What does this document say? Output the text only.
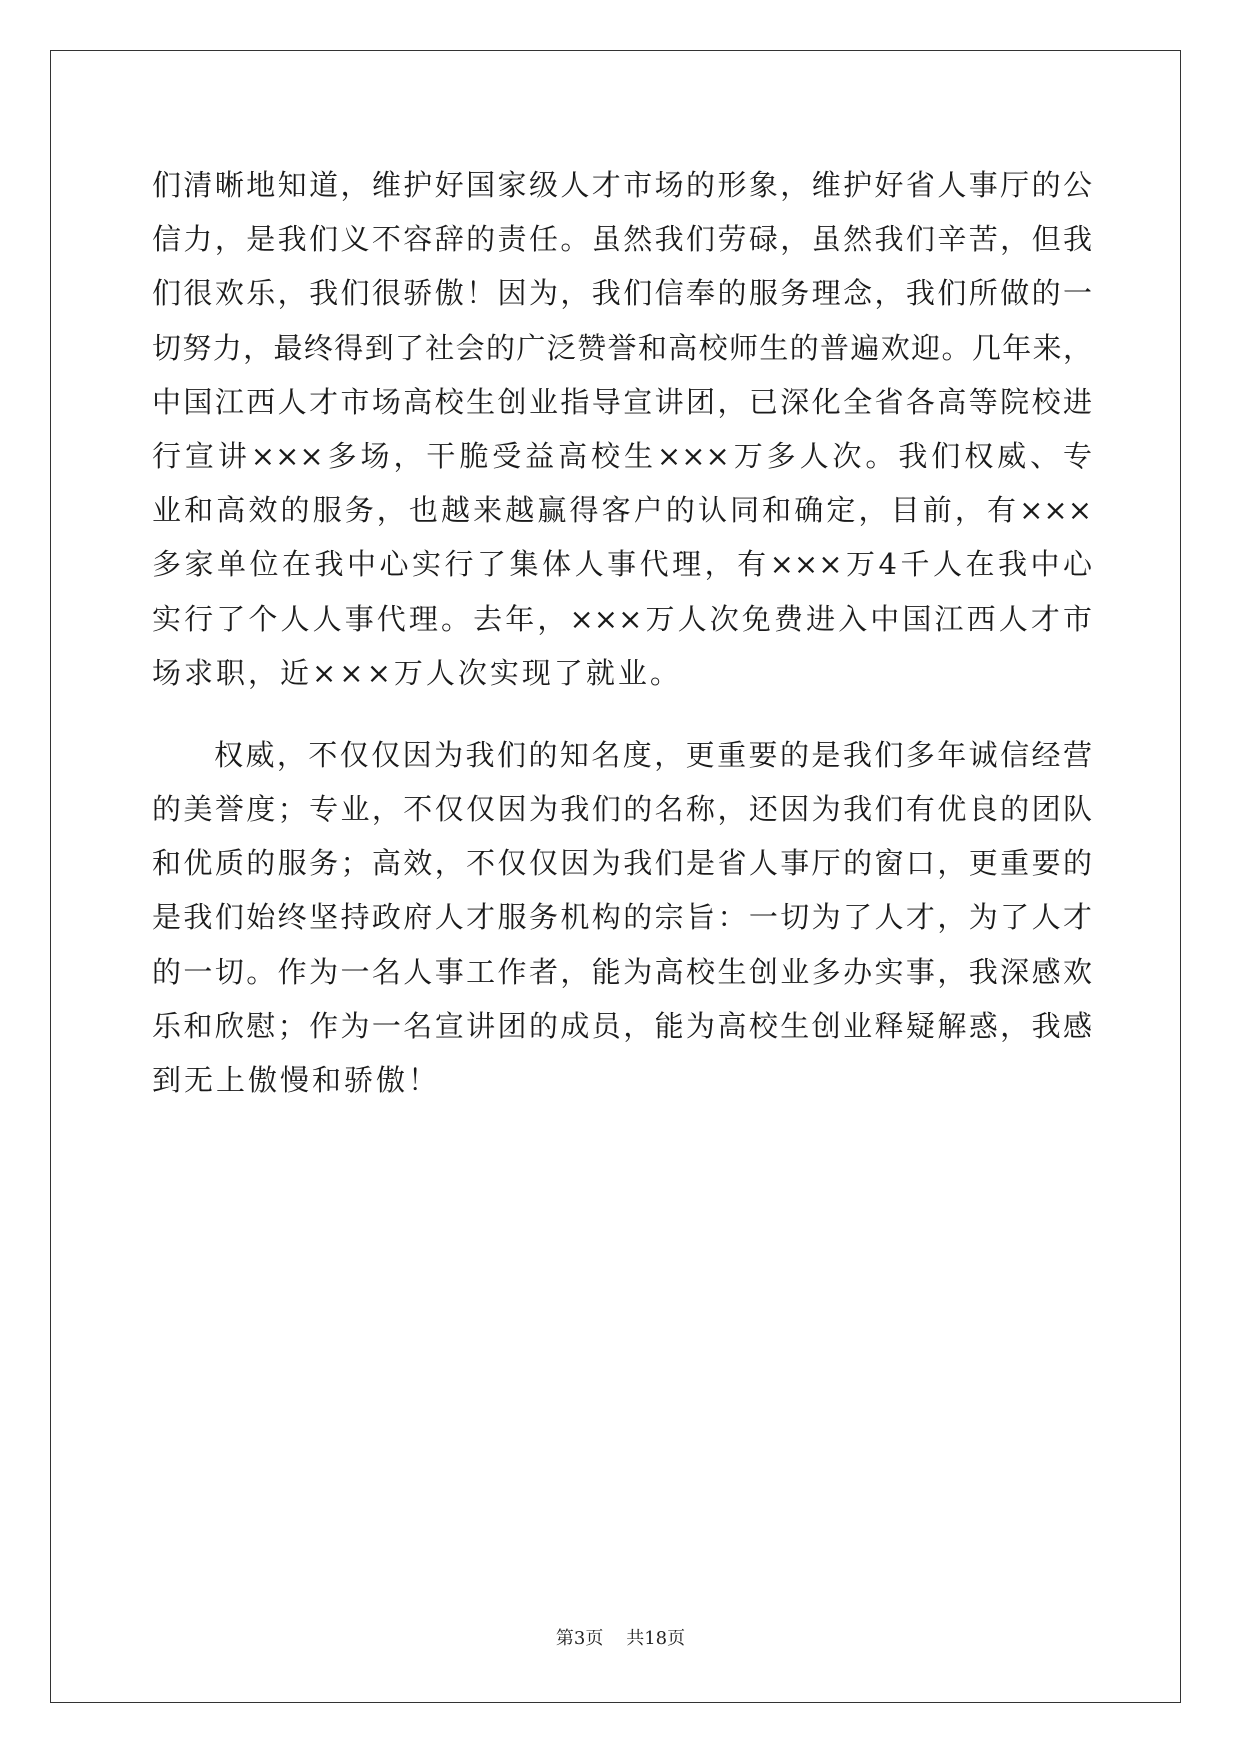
们清晰地知道，维护好国家级人才市场的形象，维护好省人事厅的公
信力，是我们义不容辞的责任。虽然我们劳碌，虽然我们辛苦，但我
们很欢乐，我们很骄傲！因为，我们信奉的服务理念，我们所做的一
切努力，最终得到了社会的广泛赞誉和高校师生的普遍欢迎。几年来，
中国江西人才市场高校生创业指导宣讲团，已深化全省各高等院校进
行宣讲×××多场，干脆受益高校生×××万多人次。我们权威、专
业和高效的服务，也越来越赢得客户的认同和确定，目前，有×××
多家单位在我中心实行了集体人事代理，有×××万4千人在我中心
实行了个人人事代理。去年，×××万人次免费进入中国江西人才市
场求职，近×××万人次实现了就业。
权威，不仅仅因为我们的知名度，更重要的是我们多年诚信经营
的美誉度；专业，不仅仅因为我们的名称，还因为我们有优良的团队
和优质的服务；高效，不仅仅因为我们是省人事厅的窗口，更重要的
是我们始终坚持政府人才服务机构的宗旨：一切为了人才，为了人才
的一切。作为一名人事工作者，能为高校生创业多办实事，我深感欢
乐和欣慰；作为一名宣讲团的成员，能为高校生创业释疑解惑，我感
到无上傲慢和骄傲！
第3页 共18页
